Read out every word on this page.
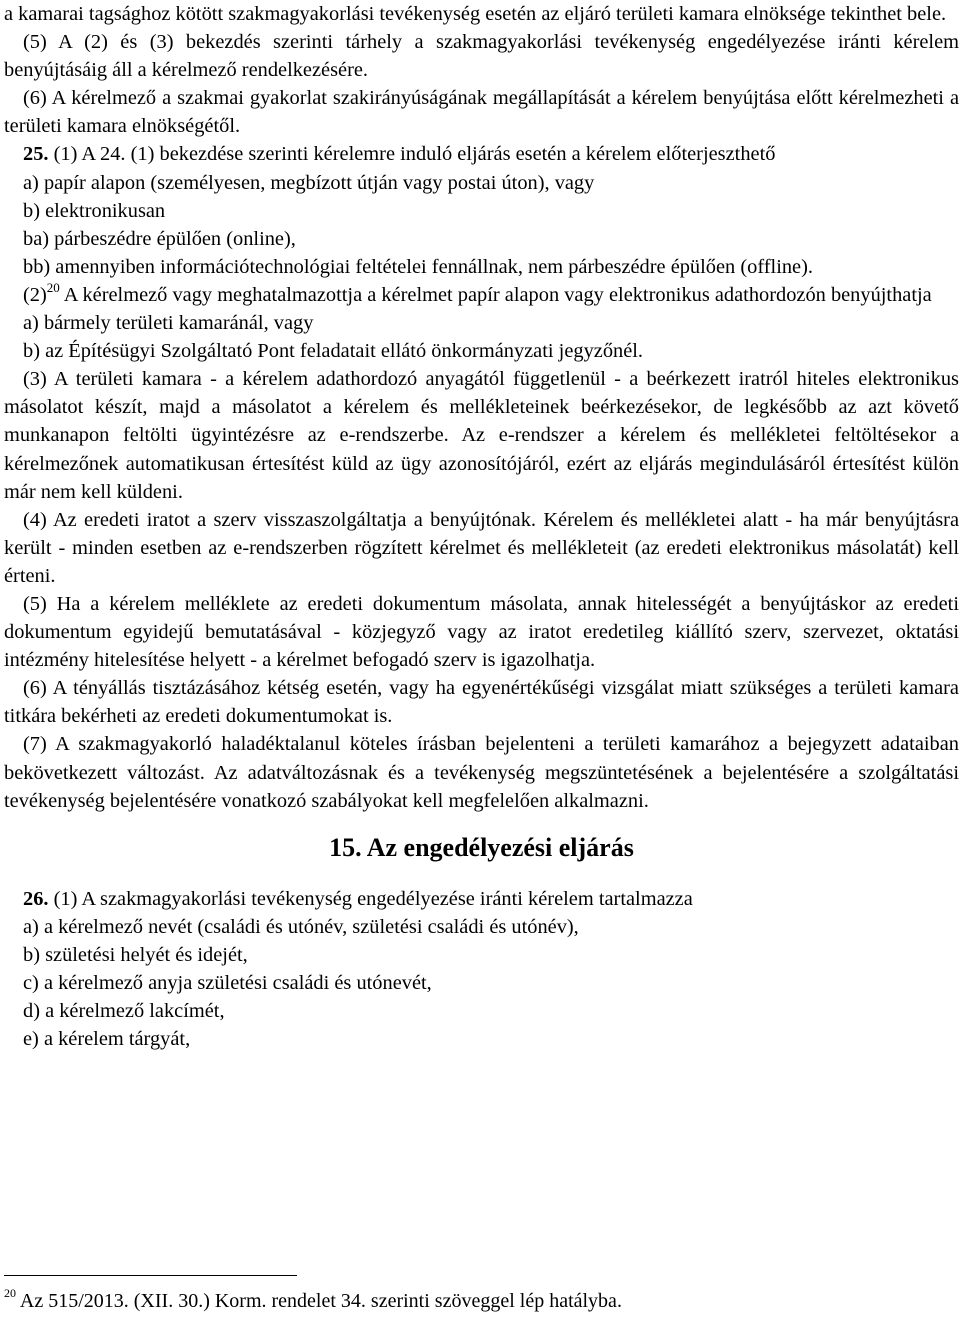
a kamarai tagsághoz kötött szakmagyakorlási tevékenység esetén az eljáró területi kamara elnöksége tekinthet bele.

(5) A (2) és (3) bekezdés szerinti tárhely a szakmagyakorlási tevékenység engedélyezése iránti kérelem benyújtásáig áll a kérelmező rendelkezésére.

(6) A kérelmező a szakmai gyakorlat szakirányúságának megállapítását a kérelem benyújtása előtt kérelmezheti a területi kamara elnökségétől.

25. (1) A 24. (1) bekezdése szerinti kérelemre induló eljárás esetén a kérelem előterjeszthető

a) papír alapon (személyesen, megbízott útján vagy postai úton), vagy

b) elektronikusan

ba) párbeszédre épülően (online),

bb) amennyiben információtechnológiai feltételei fennállnak, nem párbeszédre épülően (offline).

$(2)^{20}$ A kérelmező vagy meghatalmazottja a kérelmet papír alapon vagy elektronikus adathordozón benyújthatja

a) bármely területi kamaránál, vagy

b) az Építésügyi Szolgáltató Pont feladatait ellátó önkormányzati jegyzőnél.

(3) A területi kamara - a kérelem adathordozó anyagától függetlenül - a beérkezett iratról hiteles elektronikus másolatot készít, majd a másolatot a kérelem és mellékleteinek beérkezésekor, de legkésőbb az azt követő munkanapon feltölti ügyintézésre az e-rendszerbe. Az e-rendszer a kérelem és mellékletei feltöltésekor a kérelmezőnek automatikusan értesítést küld az ügy azonosítójáról, ezért az eljárás megindulásáról értesítést külön már nem kell küldeni.

(4) Az eredeti iratot a szerv visszaszolgáltatja a benyújtónak. Kérelem és mellékletei alatt - ha már benyújtásra került - minden esetben az e-rendszerben rögzített kérelmet és mellékleteit (az eredeti elektronikus másolatát) kell érteni.

(5) Ha a kérelem melléklete az eredeti dokumentum másolata, annak hitelességét a benyújtáskor az eredeti dokumentum egyidejű bemutatásával - közjegyző vagy az iratot eredetileg kiállító szerv, szervezet, oktatási intézmény hitelesítése helyett - a kérelmet befogadó szerv is igazolhatja.

(6) A tényállás tisztázásához kétség esetén, vagy ha egyenértékűségi vizsgálat miatt szükséges a területi kamara titkára bekérheti az eredeti dokumentumokat is.

(7) A szakmagyakorló haladéktalanul köteles írásban bejelenteni a területi kamarához a bejegyzett adataiban bekövetkezett változást. Az adatváltozásnak és a tevékenység megszüntetésének a bejelentésére a szolgáltatási tevékenység bejelentésére vonatkozó szabályokat kell megfelelően alkalmazni.

15. Az engedélyezési eljárás

26. (1) A szakmagyakorlási tevékenység engedélyezése iránti kérelem tartalmazza

a) a kérelmező nevét (családi és utónév, születési családi és utónév),

b) születési helyét és idejét,

c) a kérelmező anyja születési családi és utónevét,

d) a kérelmező lakcímét,

e) a kérelem tárgyát,

$^{20}$ Az 515/2013. (XII. 30.) Korm. rendelet 34. szerinti szöveggel lép hatályba.
